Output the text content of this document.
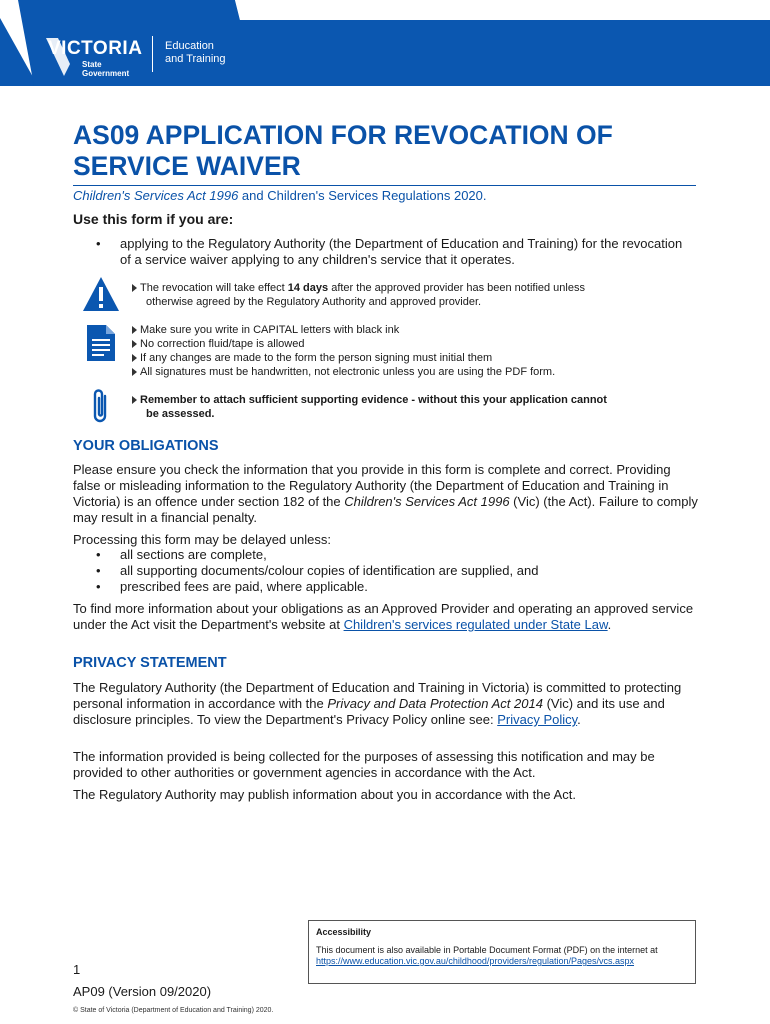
VICTORIA
State
Government
Education
and Training
AS09 APPLICATION FOR REVOCATION OF SERVICE WAIVER
Children's Services Act 1996 and Children's Services Regulations 2020.

Use this form if you are:

• applying to the Regulatory Authority (the Department of Education and Training) for the revocation of a service waiver applying to any children's service that it operates.
The revocation will take effect 14 days after the approved provider has been notified unless
otherwise agreed by the Regulatory Authority and approved provider.
Make sure you write in CAPITAL letters with black ink
No correction fluid/tape is allowed
If any changes are made to the form the person signing must initial them
All signatures must be handwritten, not electronic unless you are using the PDF form.
Remember to attach sufficient supporting evidence - without this your application cannot
be assessed.
YOUR OBLIGATIONS

Please ensure you check the information that you provide in this form is complete and correct. Providing false or misleading information to the Regulatory Authority (the Department of Education and Training in Victoria) is an offence under section 182 of the Children's Services Act 1996 (Vic) (the Act). Failure to comply may result in a financial penalty.

Processing this form may be delayed unless:

• all sections are complete,
• all supporting documents/colour copies of identification are supplied, and
• prescribed fees are paid, where applicable.

To find more information about your obligations as an Approved Provider and operating an approved service under the Act visit the Department's website at Children's services regulated under State Law.

PRIVACY STATEMENT

The Regulatory Authority (the Department of Education and Training in Victoria) is committed to protecting personal information in accordance with the Privacy and Data Protection Act 2014 (Vic) and its use and disclosure principles. To view the Department's Privacy Policy online see: Privacy Policy.

The information provided is being collected for the purposes of assessing this notification and may be provided to other authorities or government agencies in accordance with the Act.

The Regulatory Authority may publish information about you in accordance with the Act.

Accessibility
This document is also available in Portable Document Format (PDF) on the internet at
https://www.education.vic.gov.au/childhood/providers/regulation/Pages/vcs.aspx
1
AP09 (Version 09/2020)
© State of Victoria (Department of Education and Training) 2020.
